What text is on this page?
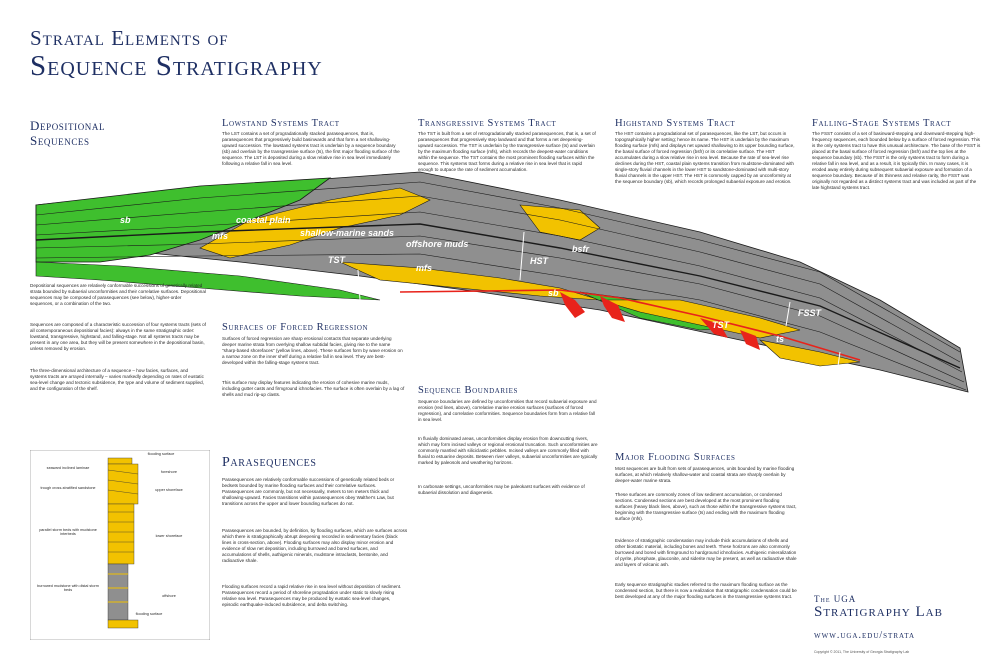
Stratal Elements of
Sequence Stratigraphy
Depositional Sequences
Lowstand Systems Tract
The LST contains a set of progradationally stacked parasequences, that is, parasequences that progressively build basinwards and that form a net shallowing-upward succession. The lowstand systems tract is underlain by a sequence boundary (sb) and overlain by the transgressive surface (ts), the first major flooding surface of the sequence. The LST is deposited during a slow relative rise in sea level immediately following a relative fall in sea level.
Transgressive Systems Tract
The TST is built from a set of retrogradationally stacked parasequences, that is, a set of parasequences that progressively step landward and that forms a net deepening-upward succession. The TST is underlain by the transgressive surface (ts) and overlain by the maximum flooding surface (mfs), which records the deepest-water conditions within the sequence. The TST contains the most prominent flooding surfaces within the sequence. This systems tract forms during a relative rise in sea level that is rapid enough to outpace the rate of sediment accumulation.
Highstand Systems Tract
The HST contains a progradational set of parasequences, like the LST, but occurs in topographically higher setting; hence its name. The HST is underlain by the maximum flooding surface (mfs) and displays net upward shallowing to its upper bounding surface, the basal surface of forced regression (bsfr) or its correlative surface. The HST accumulates during a slow relative rise in sea level. Because the rate of sea-level rise declines during the HST, coastal plain systems transition from mudstone-dominated with single-story fluvial channels in the lower HST to sandstone-dominated with multi-story fluvial channels in the upper HST. The HST is commonly capped by an unconformity at the sequence boundary (sb), which records prolonged subaerial exposure and erosion.
Falling-Stage Systems Tract
The FSST consists of a set of basinward-stepping and downward-stepping high-frequency sequences, each bounded below by a surface of forced regression. This is the only systems tract to have this unusual architecture. The base of the FSST is placed at the basal surface of forced regression (bsfr) and the top lies at the sequence boundary (sb). The FSST is the only systems tract to form during a relative fall in sea level, and as a result, it is typically thin. In many cases, it is eroded away entirely during subsequent subaerial exposure and formation of a sequence boundary. Because of its thinness and relative rarity, the FSST was originally not regarded as a distinct systems tract and was included as part of the late highstand systems tract.
sb	coastal plain
mfs	shallow-marine sands
offshore muds
TST
mfs
HST
HST
bsfr
sb
incised valleys
TST
bsfr
ts
FSST
FSST	LST
Depositional sequences are relatively conformable successions of genetically related strata bounded by subaerial unconformities and their correlative surfaces. Depositional sequences may be composed of parasequences (see below), higher-order sequences, or a combination of the two.
Sequences are composed of a characteristic succession of four systems tracts (sets of all contemporaneous depositional facies): always in the same stratigraphic order: lowstand, transgressive, highstand, and falling-stage. Not all systems tracts may be present in any one area, but they will be present somewhere in the depositional basin, unless removed by erosion.
The three-dimensional architecture of a sequence – how facies, surfaces, and systems tracts are arrayed internally – varies markedly depending on rates of eustatic sea-level change and tectonic subsidence, the type and volume of sediment supplied, and the configuration of the shelf.
Surfaces of Forced Regression
Surfaces of forced regression are sharp erosional contacts that separate underlying deeper marine strata from overlying shallow subtidal facies, giving rise to the name "sharp-based shorefaces" (yellow lines, above). These surfaces form by wave erosion on a narrow zone on the inner shelf during a relative fall in sea level. They are best-developed within the falling-stage systems tract.
This surface may display features indicating the erosion of cohesive marine muds, including gutter casts and firmground ichnofacies. The surface is often overlain by a lag of shells and mud rip-up clasts.	Sequence Boundaries
Sequence boundaries are defined by unconformities that record subaerial exposure and erosion (red lines, above), correlative marine erosion surfaces (surfaces of forced regression), and correlative conformities. Sequence boundaries form from a relative fall in sea level.
In fluvially dominated areas, unconformities display erosion from downcutting rivers, which may form incised valleys or regional erosional truncation. Such unconformities are commonly mantled with siliciclastic pebbles. Incised valleys are commonly filled with fluvial to estuarine deposits. Between river valleys, subaerial unconformities are typically marked by paleosols and weathering horizons.
In carbonate settings, unconformities may be paleokarst surfaces with evidence of subaerial dissolution and diagenesis.
seaward inclined laminae
trough cross-stratified sandstone
parallel storm beds with mudstone interbeds
burrowed mudstone with distal storm beds
flooding surface
foreshore
upper shoreface
lower shoreface
offshore
flooding surface
Parasequences
Parasequences are relatively conformable successions of genetically related beds or bedsets bounded by marine flooding surfaces and their correlative surfaces. Parasequences are commonly, but not necessarily, meters to ten meters thick and shallowing-upward. Facies transitions within parasequences obey Walther's Law, but transitions across the upper and lower bounding surfaces do not.
Parasequences are bounded, by definition, by flooding surfaces, which are surfaces across which there is stratigraphically abrupt deepening recorded in sedimentary facies (black lines in cross-section, above). Flooding surfaces may also display minor erosion and evidence of slow net deposition, including burrowed and bored surfaces, and accumulations of shells, authigenic minerals, mudstone intraclasts, bentonite, and radioactive shale.
Flooding surfaces record a rapid relative rise in sea level without deposition of sediment. Parasequences record a period of shoreline progradation under static to slowly rising relative sea level. Parasequences may be produced by eustatic sea-level changes, episodic earthquake-induced subsidence, and delta switching.
Major Flooding Surfaces
Most sequences are built from sets of parasequences, units bounded by marine flooding surfaces, at which relatively shallow-water and coastal strata are sharply overlain by deeper-water marine strata.
These surfaces are commonly zones of low sediment accumulation, or condensed sections. Condensed sections are best developed at the most prominent flooding surfaces (heavy black lines, above), such as those within the transgressive systems tract, beginning with the transgressive surface (ts) and ending with the maximum flooding surface (mfs).
Evidence of stratigraphic condensation may include thick accumulations of shells and other biostatic material, including bones and teeth. These horizons are also commonly burrowed and bored with firmground to hardground ichnofacies. Authigenic mineralization of pyrite, phosphate, glauconite, and siderite may be present, as well as radioactive shale and layers of volcanic ash.
Early sequence stratigraphic studies referred to the maximum flooding surface as the condensed section, but there is now a realization that stratigraphic condensation could be best developed at any of the major flooding surfaces in the transgressive systems tract.	The UGA
Stratigraphy Lab
www.uga.edu/strata
Copyright © 2011, The University of Georgia Stratigraphy Lab
